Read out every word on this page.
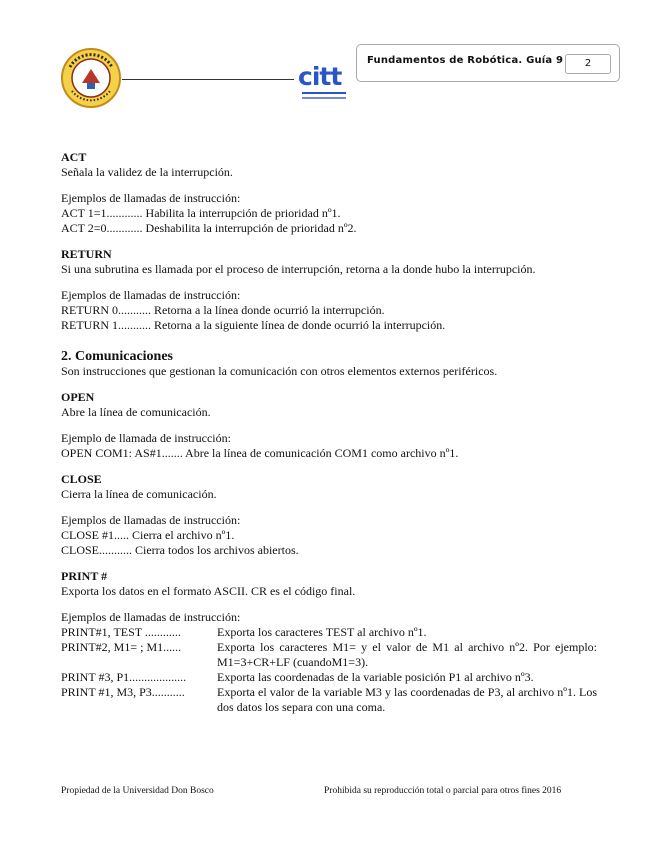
citt
Fundamentos de Robótica. Guía 9	2
ACT
Señala la validez de la interrupción.
Ejemplos de llamadas de instrucción:
ACT 1=1............ Habilita la interrupción de prioridad nº1.
ACT 2=0............ Deshabilita la interrupción de prioridad nº2.
RETURN
Si una subrutina es llamada por el proceso de interrupción, retorna a la donde hubo la interrupción.
Ejemplos de llamadas de instrucción:
RETURN 0........... Retorna a la línea donde ocurrió la interrupción.
RETURN 1........... Retorna a la siguiente línea de donde ocurrió la interrupción.
2. Comunicaciones
Son instrucciones que gestionan la comunicación con otros elementos externos periféricos.
OPEN
Abre la línea de comunicación.
Ejemplo de llamada de instrucción:
OPEN COM1: AS#1....... Abre la línea de comunicación COM1 como archivo nº1.
CLOSE
Cierra la línea de comunicación.
Ejemplos de llamadas de instrucción:
CLOSE #1..... Cierra el archivo nº1.
CLOSE........... Cierra todos los archivos abiertos.
PRINT #
Exporta los datos en el formato ASCII. CR es el código final.
Ejemplos de llamadas de instrucción:
PRINT#1, TEST ............	Exporta los caracteres TEST al archivo nº1.
PRINT#2, M1= ; M1......	Exporta los caracteres M1= y el valor de M1 al archivo nº2. Por ejemplo: M1=3+CR+LF (cuandoM1=3).
PRINT #3, P1...................	Exporta las coordenadas de la variable posición P1 al archivo nº3.
PRINT #1, M3, P3...........	Exporta el valor de la variable M3 y las coordenadas de P3, al archivo nº1. Los dos datos los separa con una coma.
Propiedad de la Universidad Don Bosco	Prohibida su reproducción total o parcial para otros fines 2016
